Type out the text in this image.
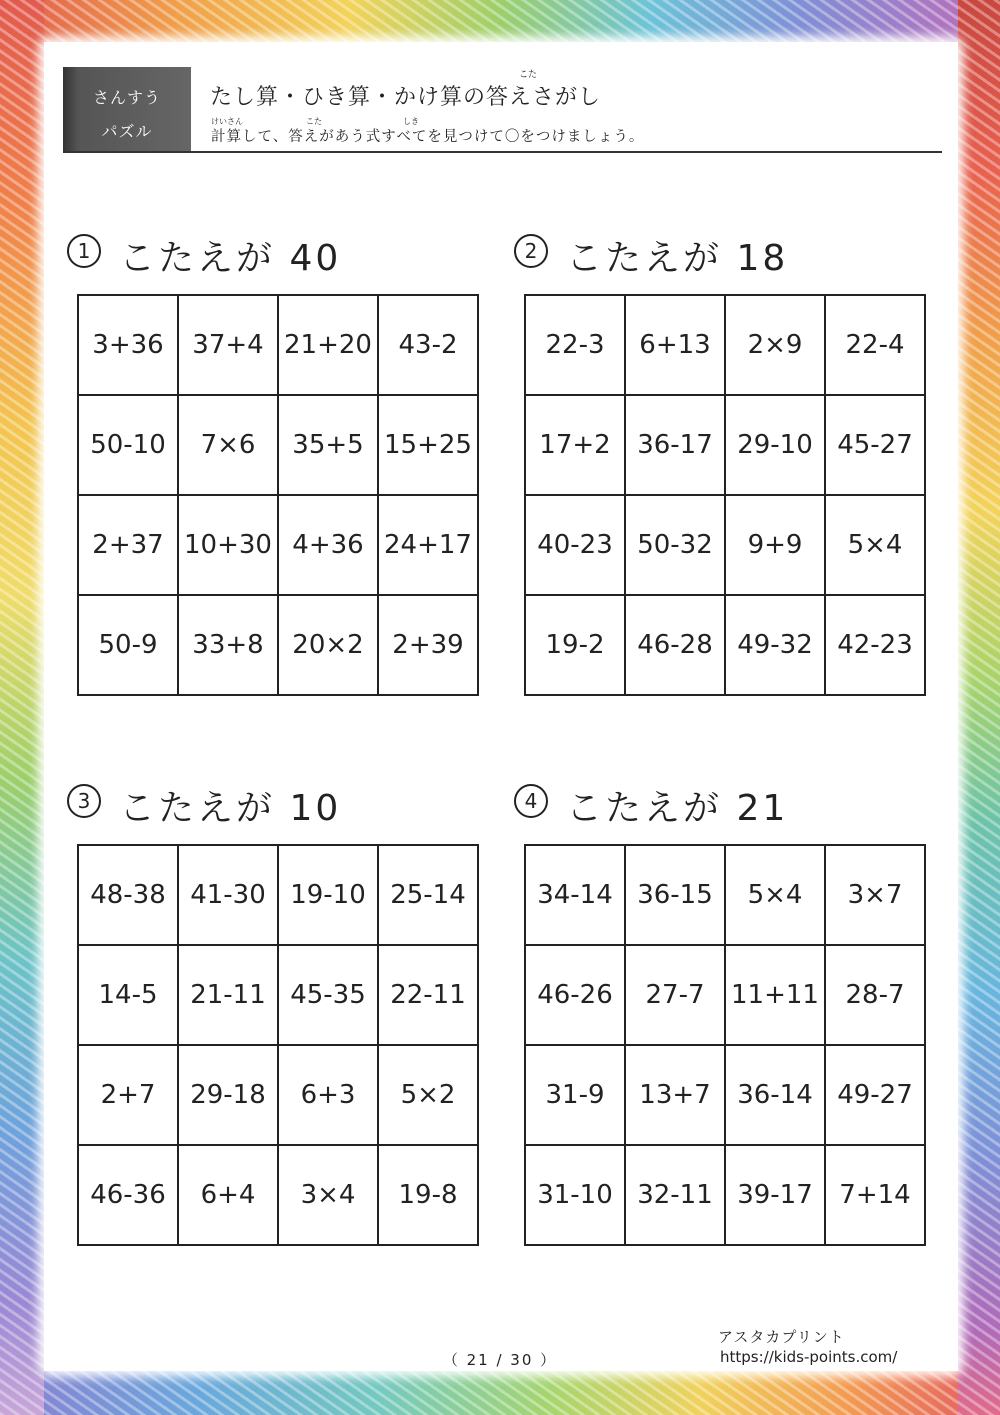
さんすう
パズル
こた
たし算・ひき算・かけ算の答えさがし
けいさん	こた	しき
計算して、答えがあう式すべてを見つけて〇をつけましょう。
1 こたえが 40
3+36	37+4 21+20	43-2
50-10	7×6	35+5 15+25
2+37 10+30 4+36 24+17
50-9	33+8	20×2	2+39
2 こたえが 18
22-3	6+13	2×9	22-4
17+2	36-17 29-10 45-27
40-23 50-32	9+9	5×4
19-2	46-28 49-32 42-23
3 こたえが 10
48-38 41-30 19-10 25-14
14-5	21-11 45-35 22-11
2+7	29-18	6+3	5×2
46-36	6+4	3×4	19-8
4 こたえが 21
34-14 36-15	5×4	3×7
46-26	27-7	11+11	28-7
31-9	13+7	36-14 49-27
31-10 32-11 39-17	7+14
アスタカプリント
https://kids-points.com/
（ 21 / 30 ）
